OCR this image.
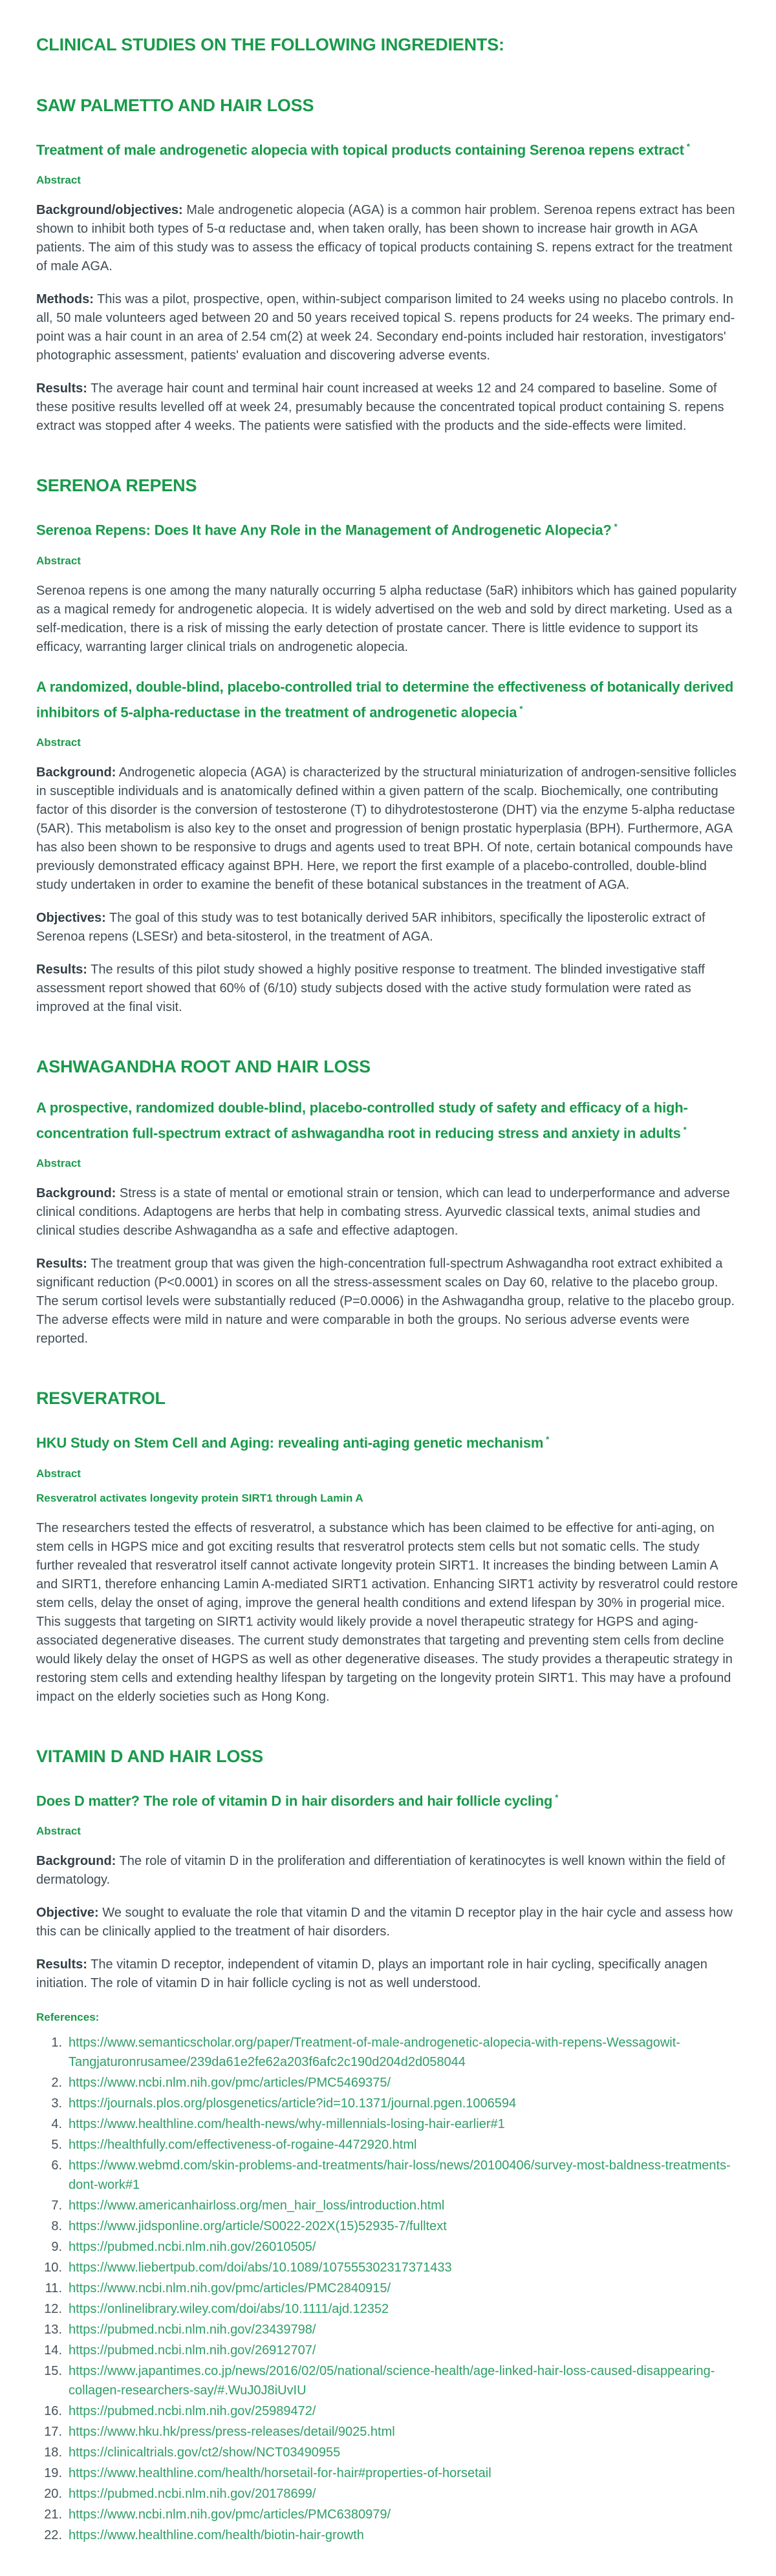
CLINICAL STUDIES ON THE FOLLOWING INGREDIENTS:
SAW PALMETTO AND HAIR LOSS
Treatment of male androgenetic alopecia with topical products containing Serenoa repens extract *
Abstract

Background/objectives: Male androgenetic alopecia (AGA) is a common hair problem. Serenoa repens extract has been shown to inhibit both types of 5-α reductase and, when taken orally, has been shown to increase hair growth in AGA patients. The aim of this study was to assess the efficacy of topical products containing S. repens extract for the treatment of male AGA.

Methods: This was a pilot, prospective, open, within-subject comparison limited to 24 weeks using no placebo controls. In all, 50 male volunteers aged between 20 and 50 years received topical S. repens products for 24 weeks. The primary end-point was a hair count in an area of 2.54 cm(2) at week 24. Secondary end-points included hair restoration, investigators' photographic assessment, patients' evaluation and discovering adverse events.

Results: The average hair count and terminal hair count increased at weeks 12 and 24 compared to baseline. Some of these positive results levelled off at week 24, presumably because the concentrated topical product containing S. repens extract was stopped after 4 weeks. The patients were satisfied with the products and the side-effects were limited.

SERENOA REPENS
Serenoa Repens: Does It have Any Role in the Management of Androgenetic Alopecia? *
Abstract

Serenoa repens is one among the many naturally occurring 5 alpha reductase (5aR) inhibitors which has gained popularity as a magical remedy for androgenetic alopecia. It is widely advertised on the web and sold by direct marketing. Used as a self-medication, there is a risk of missing the early detection of prostate cancer. There is little evidence to support its efficacy, warranting larger clinical trials on androgenetic alopecia.

A randomized, double-blind, placebo-controlled trial to determine the effectiveness of botanically derived inhibitors of 5-alpha-reductase in the treatment of androgenetic alopecia *
Abstract

Background: Androgenetic alopecia (AGA) is characterized by the structural miniaturization of androgen-sensitive follicles in susceptible individuals and is anatomically defined within a given pattern of the scalp. Biochemically, one contributing factor of this disorder is the conversion of testosterone (T) to dihydrotestosterone (DHT) via the enzyme 5-alpha reductase (5AR). This metabolism is also key to the onset and progression of benign prostatic hyperplasia (BPH). Furthermore, AGA has also been shown to be responsive to drugs and agents used to treat BPH. Of note, certain botanical compounds have previously demonstrated efficacy against BPH. Here, we report the first example of a placebo-controlled, double-blind study undertaken in order to examine the benefit of these botanical substances in the treatment of AGA.

Objectives: The goal of this study was to test botanically derived 5AR inhibitors, specifically the liposterolic extract of Serenoa repens (LSESr) and beta-sitosterol, in the treatment of AGA.

Results: The results of this pilot study showed a highly positive response to treatment. The blinded investigative staff assessment report showed that 60% of (6/10) study subjects dosed with the active study formulation were rated as improved at the final visit.

ASHWAGANDHA ROOT AND HAIR LOSS
A prospective, randomized double-blind, placebo-controlled study of safety and efficacy of a high-concentration full-spectrum extract of ashwagandha root in reducing stress and anxiety in adults *
Abstract

Background: Stress is a state of mental or emotional strain or tension, which can lead to underperformance and adverse clinical conditions. Adaptogens are herbs that help in combating stress. Ayurvedic classical texts, animal studies and clinical studies describe Ashwagandha as a safe and effective adaptogen.

Results: The treatment group that was given the high-concentration full-spectrum Ashwagandha root extract exhibited a significant reduction (P<0.0001) in scores on all the stress-assessment scales on Day 60, relative to the placebo group. The serum cortisol levels were substantially reduced (P=0.0006) in the Ashwagandha group, relative to the placebo group. The adverse effects were mild in nature and were comparable in both the groups. No serious adverse events were reported.

RESVERATROL
HKU Study on Stem Cell and Aging: revealing anti-aging genetic mechanism *
Abstract
Resveratrol activates longevity protein SIRT1 through Lamin A

The researchers tested the effects of resveratrol, a substance which has been claimed to be effective for anti-aging, on stem cells in HGPS mice and got exciting results that resveratrol protects stem cells but not somatic cells. The study further revealed that resveratrol itself cannot activate longevity protein SIRT1. It increases the binding between Lamin A and SIRT1, therefore enhancing Lamin A-mediated SIRT1 activation. Enhancing SIRT1 activity by resveratrol could restore stem cells, delay the onset of aging, improve the general health conditions and extend lifespan by 30% in progerial mice. This suggests that targeting on SIRT1 activity would likely provide a novel therapeutic strategy for HGPS and aging-associated degenerative diseases. The current study demonstrates that targeting and preventing stem cells from decline would likely delay the onset of HGPS as well as other degenerative diseases. The study provides a therapeutic strategy in restoring stem cells and extending healthy lifespan by targeting on the longevity protein SIRT1. This may have a profound impact on the elderly societies such as Hong Kong.

VITAMIN D AND HAIR LOSS
Does D matter? The role of vitamin D in hair disorders and hair follicle cycling *
Abstract

Background: The role of vitamin D in the proliferation and differentiation of keratinocytes is well known within the field of dermatology.

Objective: We sought to evaluate the role that vitamin D and the vitamin D receptor play in the hair cycle and assess how this can be clinically applied to the treatment of hair disorders.

Results: The vitamin D receptor, independent of vitamin D, plays an important role in hair cycling, specifically anagen initiation. The role of vitamin D in hair follicle cycling is not as well understood.

References:
https://www.semanticscholar.org/paper/Treatment-of-male-androgenetic-alopecia-with-repens-Wessagowit-Tangjaturonrusamee/239da61e2fe62a203f6afc2c190d204d2d058044
https://www.ncbi.nlm.nih.gov/pmc/articles/PMC5469375/
https://journals.plos.org/plosgenetics/article?id=10.1371/journal.pgen.1006594
https://www.healthline.com/health-news/why-millennials-losing-hair-earlier#1
https://healthfully.com/effectiveness-of-rogaine-4472920.html
https://www.webmd.com/skin-problems-and-treatments/hair-loss/news/20100406/survey-most-baldness-treatments-dont-work#1
https://www.americanhairloss.org/men_hair_loss/introduction.html
https://www.jidsponline.org/article/S0022-202X(15)52935-7/fulltext
https://pubmed.ncbi.nlm.nih.gov/26010505/
https://www.liebertpub.com/doi/abs/10.1089/107555302317371433
https://www.ncbi.nlm.nih.gov/pmc/articles/PMC2840915/
https://onlinelibrary.wiley.com/doi/abs/10.1111/ajd.12352
https://pubmed.ncbi.nlm.nih.gov/23439798/
https://pubmed.ncbi.nlm.nih.gov/26912707/
https://www.japantimes.co.jp/news/2016/02/05/national/science-health/age-linked-hair-loss-caused-disappearing-collagen-researchers-say/#.WuJ0J8iUvIU
https://pubmed.ncbi.nlm.nih.gov/25989472/
https://www.hku.hk/press/press-releases/detail/9025.html
https://clinicaltrials.gov/ct2/show/NCT03490955
https://www.healthline.com/health/horsetail-for-hair#properties-of-horsetail
https://pubmed.ncbi.nlm.nih.gov/20178699/
https://www.ncbi.nlm.nih.gov/pmc/articles/PMC6380979/
https://www.healthline.com/health/biotin-hair-growth
